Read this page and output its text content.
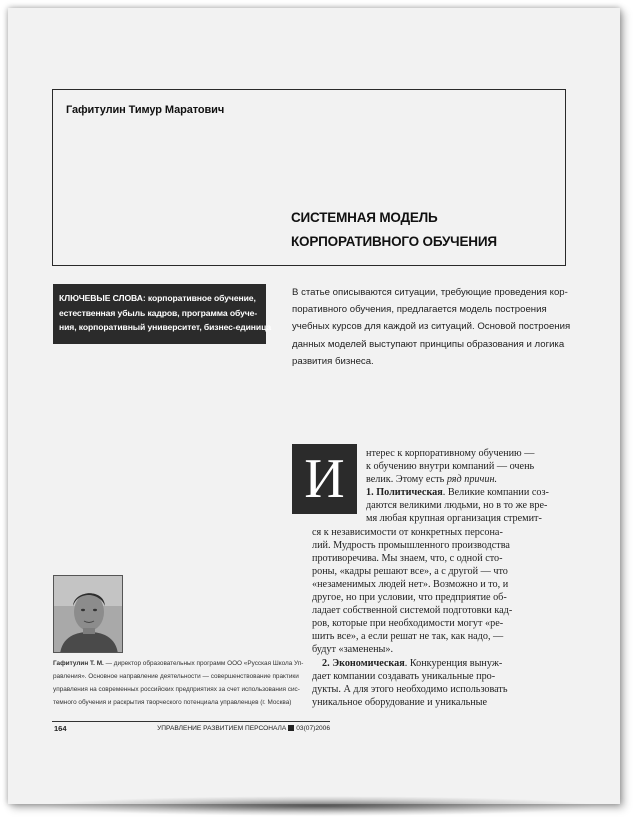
Гафитулин Тимур Маратович
СИСТЕМНАЯ МОДЕЛЬ
КОРПОРАТИВНОГО ОБУЧЕНИЯ
КЛЮЧЕВЫЕ СЛОВА: корпоративное обучение,
естественная убыль кадров, программа обуче-
ния, корпоративный университет, бизнес-единица
В статье описываются ситуации, требующие проведения кор-
поративного обучения, предлагается модель построения
учебных курсов для каждой из ситуаций. Основой построения
данных моделей выступают принципы образования и логика
развития бизнеса.
И	нтерес к корпоративному обучению —
к обучению внутри компаний — очень
велик. Этому есть ряд причин.
1. Политическая. Великие компании соз-
даются великими людьми, но в то же вре-
мя любая крупная организация стремит-
ся к независимости от конкретных персона-
лий. Мудрость промышленного производства
противоречива. Мы знаем, что, с одной сто-
роны, «кадры решают все», а с другой — что
«незаменимых людей нет». Возможно и то, и
другое, но при условии, что предприятие об-
ладает собственной системой подготовки кад-
ров, которые при необходимости могут «ре-
шить все», а если решат не так, как надо, —
будут «заменены».
2. Экономическая. Конкуренция вынуж-
дает компании создавать уникальные про-
дукты. А для этого необходимо использовать
уникальное оборудование и уникальные
Гафитулин Т. М. — директор образовательных программ ООО «Русская Школа Уп-
равления». Основное направление деятельности — совершенствование практики
управления на современных российских предприятиях за счет использования сис-
темного обучения и раскрытия творческого потенциала управленцев (г. Москва)
164	УПРАВЛЕНИЕ РАЗВИТИЕМ ПЕРСОНАЛА 03(07)2006
